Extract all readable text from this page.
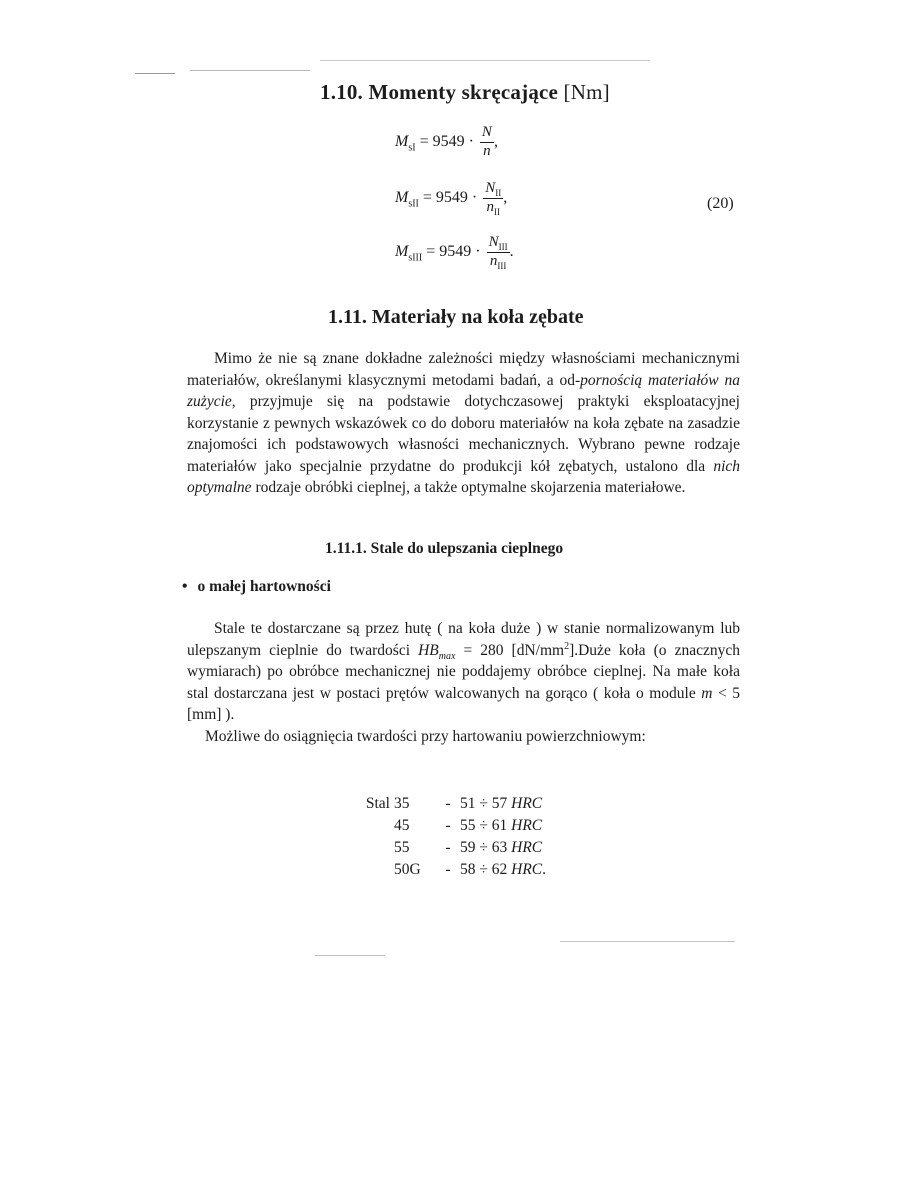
1.10. Momenty skręcające [Nm]
$M_{sI} = 9549 \cdot \frac{N}{n}$ ,
$M_{sII} = 9549 \cdot \frac{N_{II}}{n_{II}}$ ,	(20)
$M_{sIII} = 9549 \cdot \frac{N_{III}}{n_{III}}$ .
1.11. Materiały na koła zębate

Mimo że nie są znane dokładne zależności między własnościami mechanicznymi materiałów, określanymi klasycznymi metodami badań, a od-pornością materiałów na zużycie, przyjmuje się na podstawie dotychczasowej praktyki eksploatacyjnej korzystanie z pewnych wskazówek co do doboru materiałów na koła zębate na zasadzie znajomości ich podstawowych własności mechanicznych. Wybrano pewne rodzaje materiałów jako specjalnie przydatne do produkcji kół zębatych, ustalono dla nich optymalne rodzaje obróbki cieplnej, a także optymalne skojarzenia materiałowe.

1.11.1. Stale do ulepszania cieplnego
• o małej hartowności

Stale te dostarczane są przez hutę ( na koła duże ) w stanie normalizowanym lub ulepszanym cieplnie do twardości $HB_{max} = 280$ $[dN/mm^2].Duże$ koła (o znacznych wymiarach) po obróbce mechanicznej nie poddajemy obróbce cieplnej. Na małe koła stal dostarczana jest w postaci prętów walcowanych na gorąco ( koła o module m < 5 [mm] ).

Możliwe do osiągnięcia twardości przy hartowaniu powierzchniowym:

Stal	35	-	51 ÷ 57 HRC
	45	-	55 ÷ 61 HRC
	55	-	59 ÷ 63 HRC
	50G	-	58 ÷ 62 HRC.
